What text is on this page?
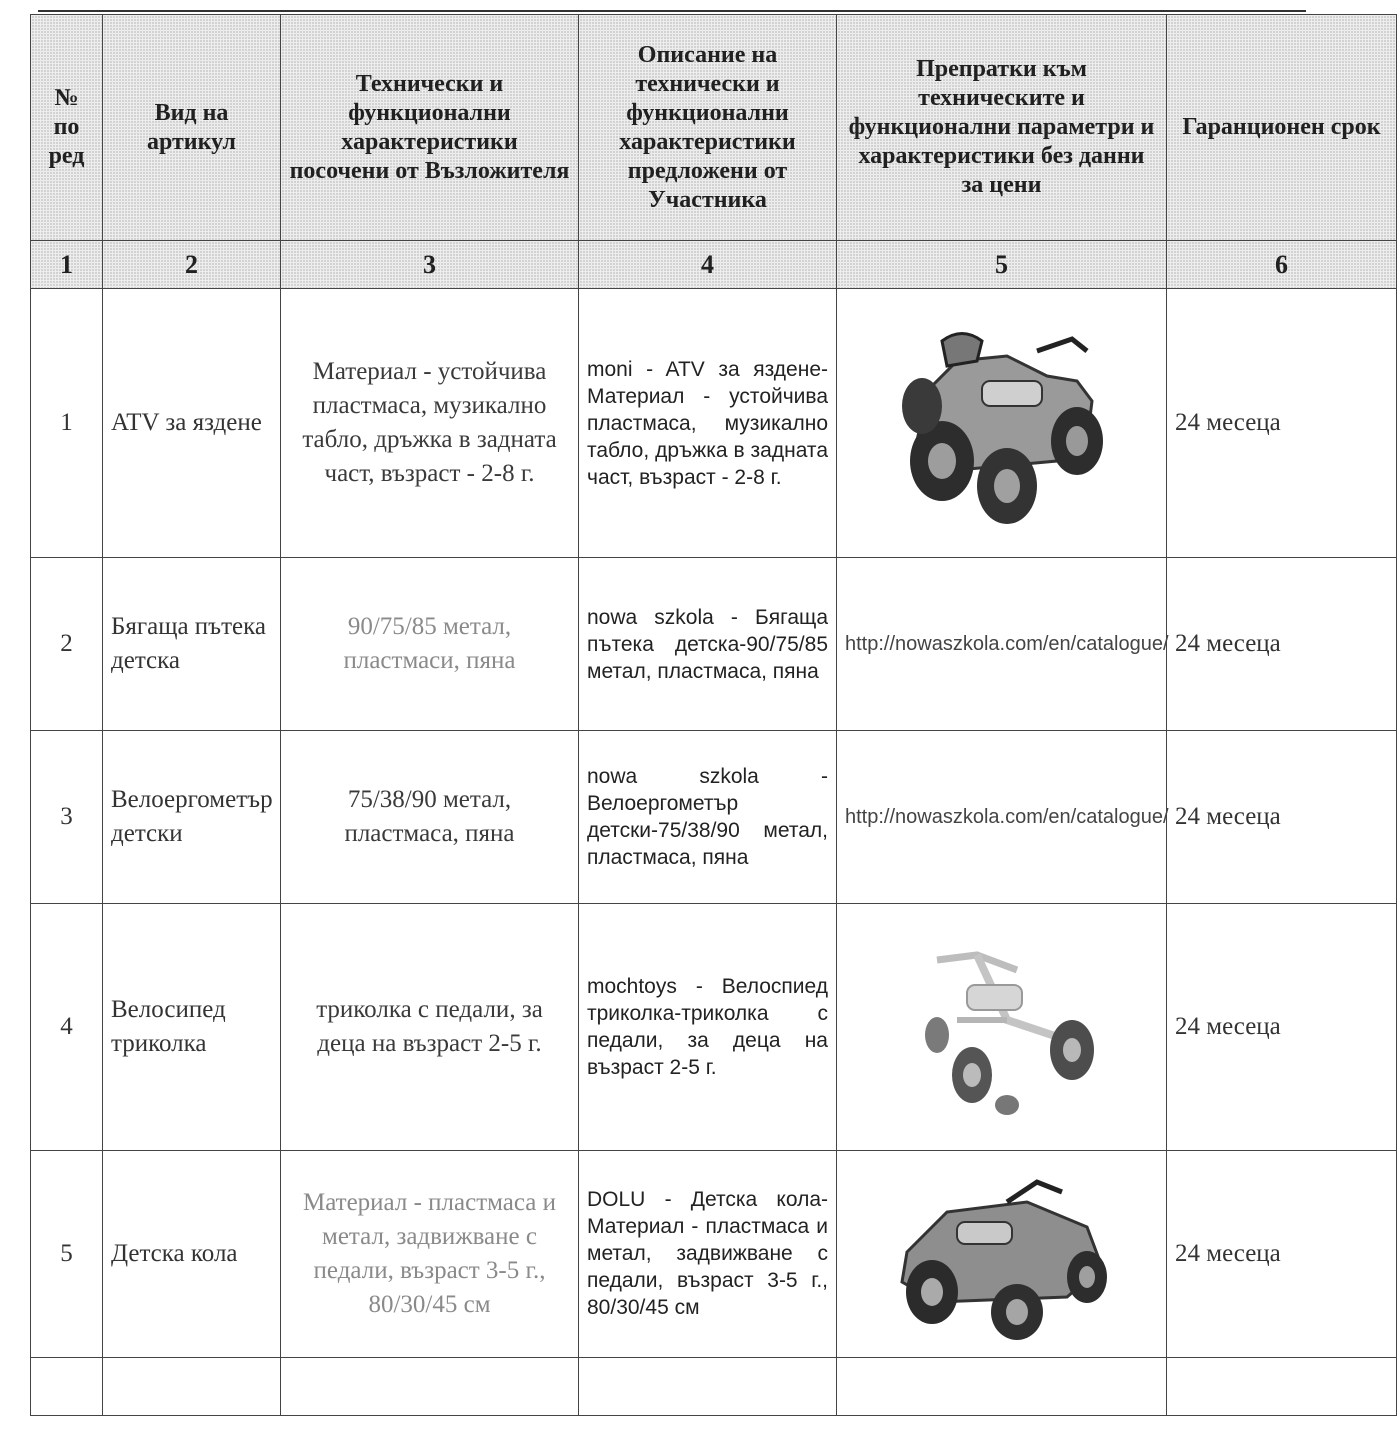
№ по ред	Вид на артикул	Технически и функционални характеристики посочени от Възложителя	Описание на технически и функционални характеристики предложени от Участника	Препратки към техническите и функционални параметри и характеристики без данни за цени	Гаранционен срок
1	2	3	4	5	6
1	ATV за яздене	Материал - устойчива пластмаса, музикално табло, дръжка в задната част, възраст - 2-8 г.	moni - ATV за яздене-Материал - устойчива пластмаса, музикално табло, дръжка в задната част, възраст - 2-8 г.		24 месеца
2	Бягаща пътека детска	90/75/85 метал, пластмаси, пяна	nowa szkola - Бягаща пътека детска-90/75/85 метал, пластмаса, пяна	http://nowaszkola.com/en/catalogue/	24 месеца
3	Велоергометър детски	75/38/90 метал, пластмаса, пяна	nowa szkola - Велоергометър детски-75/38/90 метал, пластмаса, пяна	http://nowaszkola.com/en/catalogue/	24 месеца
4	Велосипед триколка	триколка с педали, за деца на възраст 2-5 г.	mochtoys - Велоспиед триколка-триколка с педали, за деца на възраст 2-5 г.		24 месеца
5	Детска кола	Материал - пластмаса и метал, задвижване с педали, възраст 3-5 г., 80/30/45 см	DOLU - Детска кола-Материал - пластмаса и метал, задвижване с педали, възраст 3-5 г., 80/30/45 см		24 месеца
